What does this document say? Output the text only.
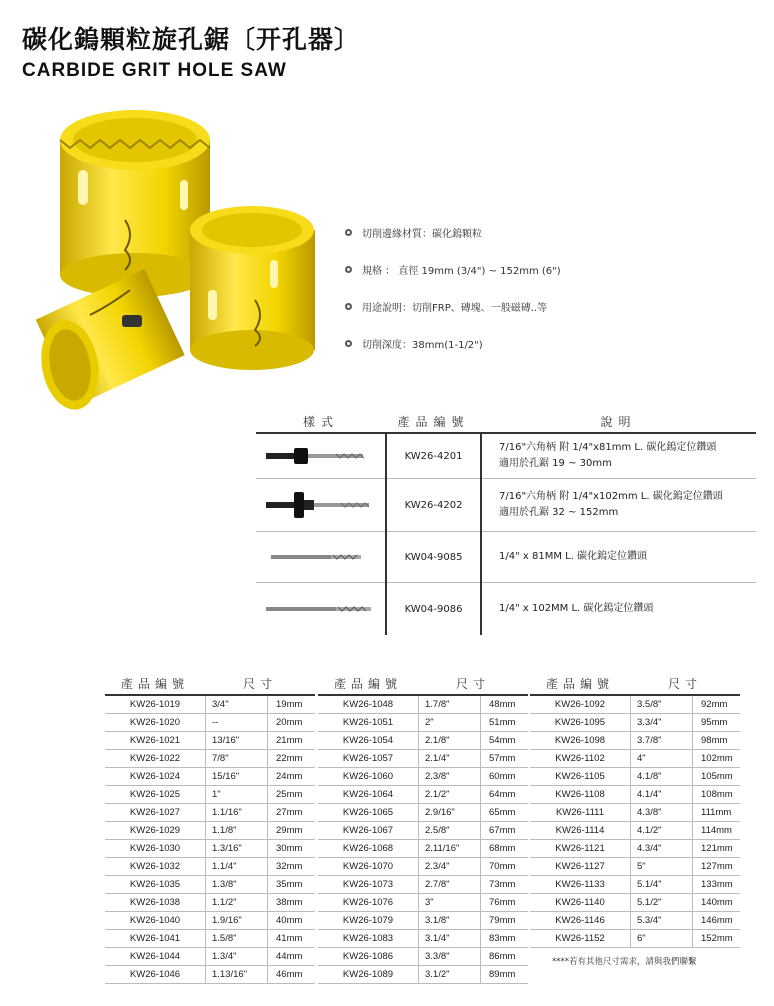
碳化鎢顆粒旋孔鋸〔开孔器〕
CARBIDE GRIT HOLE SAW
切削邊緣材質：碳化鎢顆粒
規格 ： 直徑 19mm (3/4") ~ 152mm (6")
用途說明：切削FRP、磚塊、一般磁磚..等
切削深度：38mm(1-1/2")
樣式	產品編號	說明
KW26-4201
7/16"六角柄 附 1/4"x81mm L. 碳化鎢定位鑽頭
適用於孔鋸 19 ~ 30mm
KW26-4202
7/16"六角柄 附 1/4"x102mm L. 碳化鎢定位鑽頭
適用於孔鋸 32 ~ 152mm
KW04-9085	1/4" x 81MM L. 碳化鎢定位鑽頭
KW04-9086	1/4" x 102MM L. 碳化鎢定位鑽頭
產品編號	尺寸
KW26-1019	3/4"	19mm
KW26-1020	--	20mm
KW26-1021	13/16"	21mm
KW26-1022	7/8"	22mm
KW26-1024	15/16"	24mm
KW26-1025	1"	25mm
KW26-1027	1.1/16"	27mm
KW26-1029	1.1/8"	29mm
KW26-1030	1.3/16"	30mm
KW26-1032	1.1/4"	32mm
KW26-1035	1.3/8"	35mm
KW26-1038	1.1/2"	38mm
KW26-1040	1.9/16"	40mm
KW26-1041	1.5/8"	41mm
KW26-1044	1.3/4"	44mm
KW26-1046	1.13/16"	46mm
產品編號	尺寸
KW26-1048	1.7/8"	48mm
KW26-1051	2"	51mm
KW26-1054	2.1/8"	54mm
KW26-1057	2.1/4"	57mm
KW26-1060	2.3/8"	60mm
KW26-1064	2.1/2"	64mm
KW26-1065	2.9/16"	65mm
KW26-1067	2.5/8"	67mm
KW26-1068	2.11/16"	68mm
KW26-1070	2.3/4"	70mm
KW26-1073	2.7/8"	73mm
KW26-1076	3"	76mm
KW26-1079	3.1/8"	79mm
KW26-1083	3.1/4"	83mm
KW26-1086	3.3/8"	86mm
KW26-1089	3.1/2"	89mm
產品編號	尺寸
KW26-1092	3.5/8"	92mm
KW26-1095	3.3/4"	95mm
KW26-1098	3.7/8"	98mm
KW26-1102	4"	102mm
KW26-1105	4.1/8"	105mm
KW26-1108	4.1/4"	108mm
KW26-1111	4.3/8"	111mm
KW26-1114	4.1/2"	114mm
KW26-1121	4.3/4"	121mm
KW26-1127	5"	127mm
KW26-1133	5.1/4"	133mm
KW26-1140	5.1/2"	140mm
KW26-1146	5.3/4"	146mm
KW26-1152	6"	152mm
****若有其他尺寸需求，請與我們聯繫
